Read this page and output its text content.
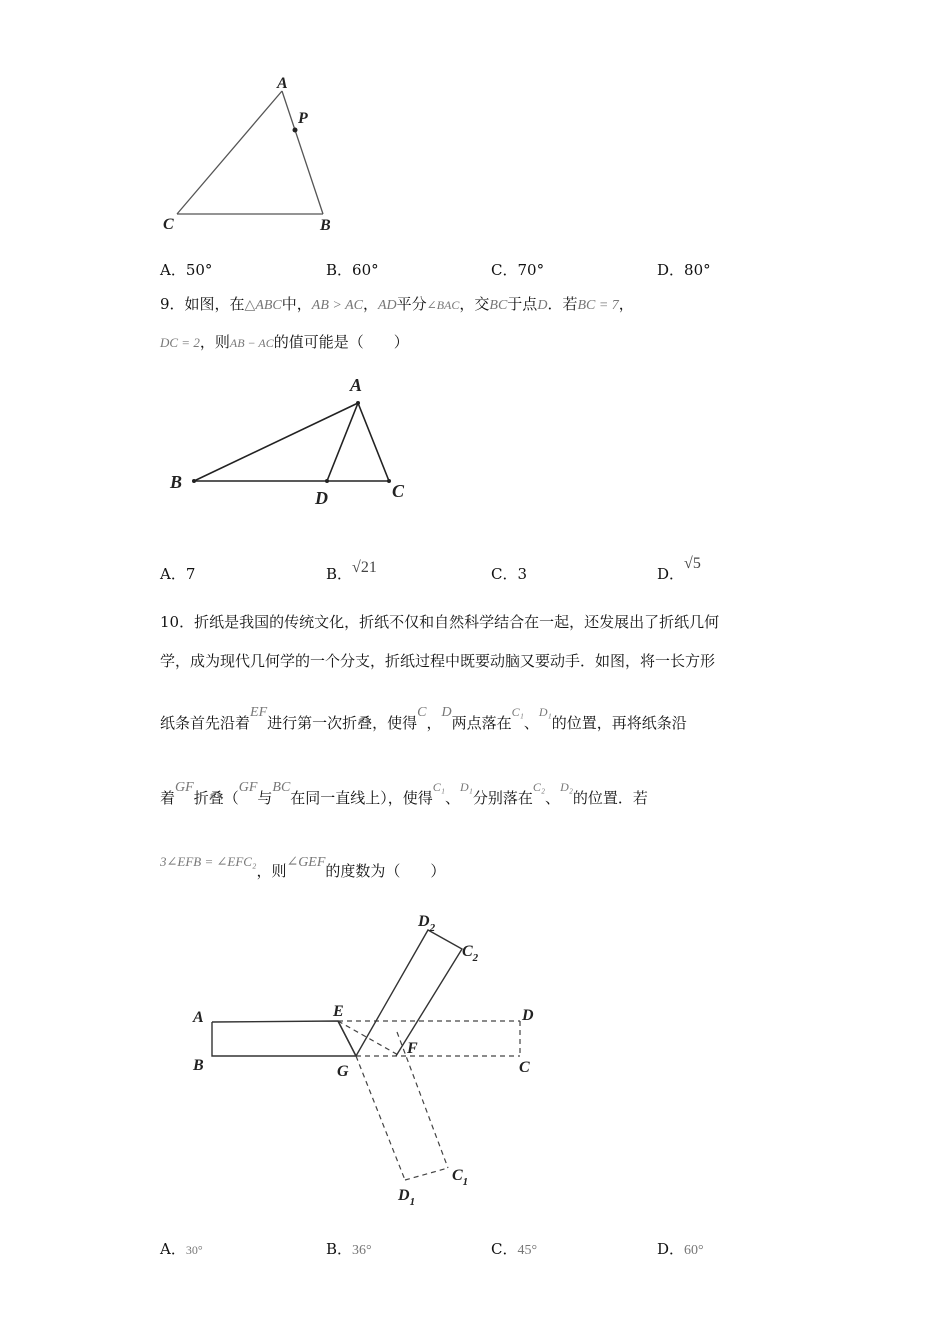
A
P
C	B
A．50°	B．60°	C．70°	D．80°
9．如图，在△ABC中，AB > AC，AD平分∠BAC，交BC于点D．若BC = 7，
DC = 2，则AB − AC的值可能是（　　）
A
B
D	C
A．7	B．√21	C．3	D．√5
10．折纸是我国的传统文化，折纸不仅和自然科学结合在一起，还发展出了折纸几何
学，成为现代几何学的一个分支，折纸过程中既要动脑又要动手．如图，将一长方形
纸条首先沿着EF进行第一次折叠，使得C，D两点落在$^{C_1}$、$^{D_1}$的位置，再将纸条沿
着GF折叠（GF与BC在同一直线上），使得$^{C_1}$、$^{D_1}$分别落在$^{C_2}$、$^{D_2}$的位置．若
3∠EFB = ∠EFC₂，则∠GEF的度数为（　　）
A
B
E
G
F
D
C
$D_2$
$C_2$
$C_1$
$D_1$
A．30°	B．36°	C．45°	D．60°
